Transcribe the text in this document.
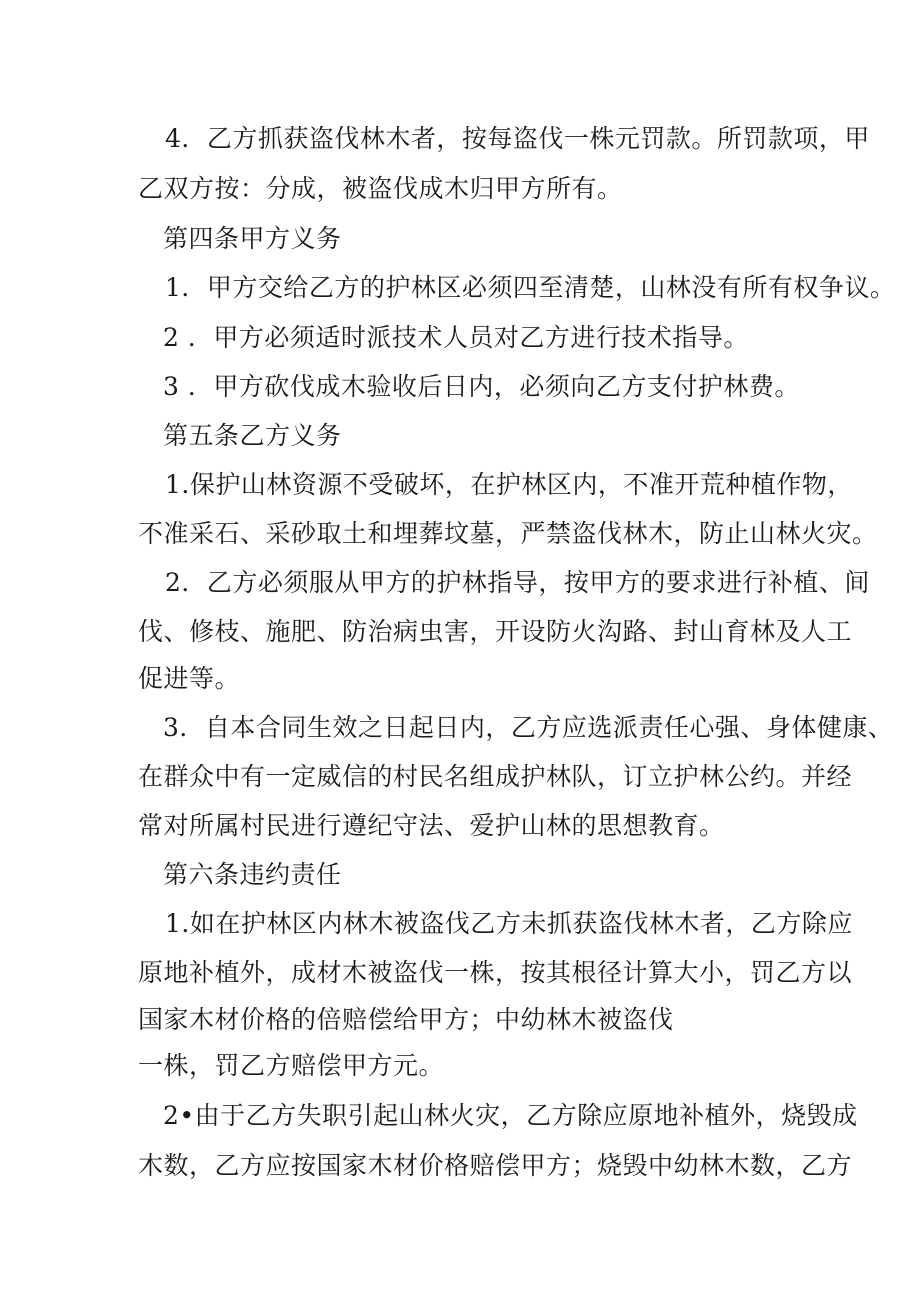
4．乙方抓获盗伐林木者，按每盗伐一株元罚款。所罚款项，甲
乙双方按：分成，被盗伐成木归甲方所有。
第四条甲方义务
1．甲方交给乙方的护林区必须四至清楚，山林没有所有权争议。
2 ．甲方必须适时派技术人员对乙方进行技术指导。
3 ．甲方砍伐成木验收后日内，必须向乙方支付护林费。
第五条乙方义务
1.保护山林资源不受破坏，在护林区内，不准开荒种植作物，
不准采石、采砂取土和埋葬坟墓，严禁盗伐林木，防止山林火灾。
2．乙方必须服从甲方的护林指导，按甲方的要求进行补植、间
伐、修枝、施肥、防治病虫害，开设防火沟路、封山育林及人工
促进等。
3．自本合同生效之日起日内，乙方应选派责任心强、身体健康、
在群众中有一定威信的村民名组成护林队，订立护林公约。并经
常对所属村民进行遵纪守法、爱护山林的思想教育。
第六条违约责任
1.如在护林区内林木被盗伐乙方未抓获盗伐林木者，乙方除应
原地补植外，成材木被盗伐一株，按其根径计算大小，罚乙方以
国家木材价格的倍赔偿给甲方；中幼林木被盗伐
一株，罚乙方赔偿甲方元。
2•由于乙方失职引起山林火灾，乙方除应原地补植外，烧毁成
木数，乙方应按国家木材价格赔偿甲方；烧毁中幼林木数，乙方
